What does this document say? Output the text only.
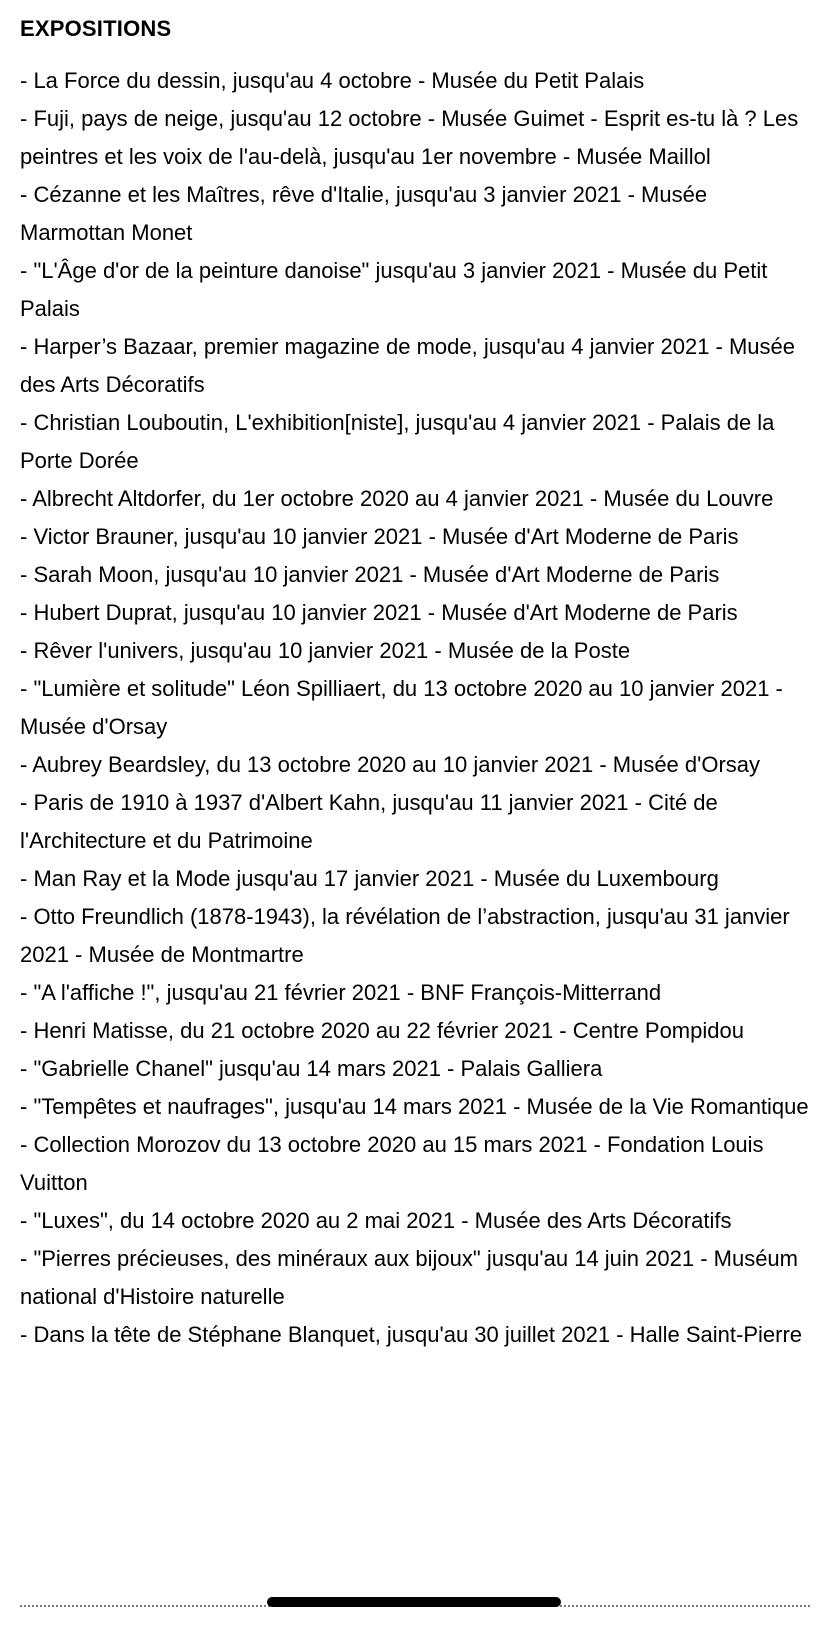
EXPOSITIONS
- La Force du dessin, jusqu'au 4 octobre - Musée du Petit Palais
- Fuji, pays de neige, jusqu'au 12 octobre - Musée Guimet - Esprit es-tu là ? Les peintres et les voix de l'au-delà, jusqu'au 1er novembre - Musée Maillol
- Cézanne et les Maîtres, rêve d'Italie, jusqu'au 3 janvier 2021 - Musée Marmottan Monet
- "L'Âge d'or de la peinture danoise" jusqu'au 3 janvier 2021 - Musée du Petit Palais
- Harper’s Bazaar, premier magazine de mode, jusqu'au 4 janvier 2021 - Musée des Arts Décoratifs
- Christian Louboutin, L'exhibition[niste], jusqu'au 4 janvier 2021 - Palais de la Porte Dorée
- Albrecht Altdorfer, du 1er octobre 2020 au 4 janvier 2021 - Musée du Louvre
- Victor Brauner, jusqu'au 10 janvier 2021 - Musée d'Art Moderne de Paris
- Sarah Moon, jusqu'au 10 janvier 2021 - Musée d'Art Moderne de Paris
- Hubert Duprat, jusqu'au 10 janvier 2021 - Musée d'Art Moderne de Paris
- Rêver l'univers, jusqu'au 10 janvier 2021 - Musée de la Poste
- "Lumière et solitude" Léon Spilliaert, du 13 octobre 2020 au 10 janvier 2021 - Musée d'Orsay
- Aubrey Beardsley, du 13 octobre 2020 au 10 janvier 2021 - Musée d'Orsay
- Paris de 1910 à 1937 d'Albert Kahn, jusqu'au 11 janvier 2021 - Cité de l'Architecture et du Patrimoine
- Man Ray et la Mode jusqu'au 17 janvier 2021 - Musée du Luxembourg
- Otto Freundlich (1878-1943), la révélation de l’abstraction, jusqu'au 31 janvier 2021 - Musée de Montmartre
- "A l'affiche !", jusqu'au 21 février 2021 - BNF François-Mitterrand
- Henri Matisse, du 21 octobre 2020 au 22 février 2021 - Centre Pompidou
- "Gabrielle Chanel" jusqu'au 14 mars 2021 - Palais Galliera
- "Tempêtes et naufrages", jusqu'au 14 mars 2021 - Musée de la Vie Romantique
- Collection Morozov du 13 octobre 2020 au 15 mars 2021 - Fondation Louis Vuitton
- "Luxes", du 14 octobre 2020 au 2 mai 2021 - Musée des Arts Décoratifs
- "Pierres précieuses, des minéraux aux bijoux" jusqu'au 14 juin 2021 - Muséum national d'Histoire naturelle
- Dans la tête de Stéphane Blanquet, jusqu'au 30 juillet 2021 - Halle Saint-Pierre
